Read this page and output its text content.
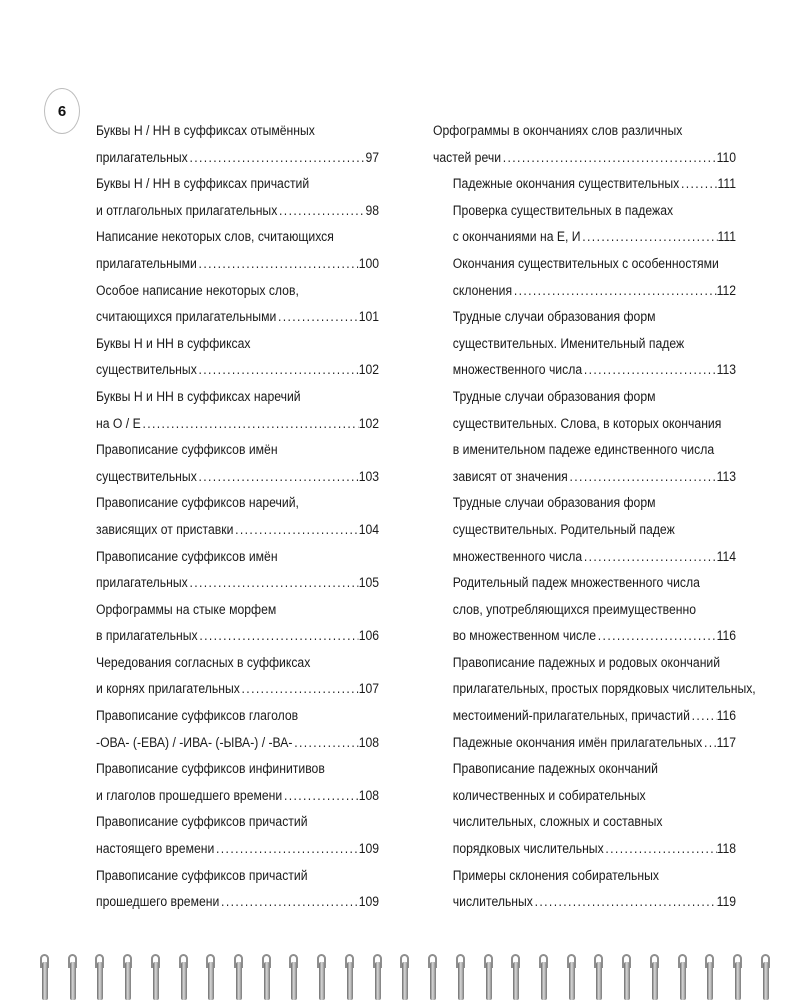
6
Буквы Н / НН в суффиксах отымённых
прилагательных .....	97
Буквы Н / НН в суффиксах причастий
и отглагольных прилагательных .....	98
Написание некоторых слов, считающихся
прилагательными .....	100
Особое написание некоторых слов,
считающихся прилагательными .....	101
Буквы Н и НН в суффиксах
существительных .....	102
Буквы Н и НН в суффиксах наречий
на О / Е .....	102
Правописание суффиксов имён
существительных .....	103
Правописание суффиксов наречий,
зависящих от приставки .....	104
Правописание суффиксов имён
прилагательных .....	105
Орфограммы на стыке морфем
в прилагательных .....	106
Чередования согласных в суффиксах
и корнях прилагательных .....	107
Правописание суффиксов глаголов
-ОВА- (-ЕВА) / -ИВА- (-ЫВА-) / -ВА- .....	108
Правописание суффиксов инфинитивов
и глаголов прошедшего времени .....	108
Правописание суффиксов причастий
настоящего времени .....	109
Правописание суффиксов причастий
прошедшего времени .....	109
Орфограммы в окончаниях слов различных
частей речи .....	110
Падежные окончания существительных .....	111
Проверка существительных в падежах
с окончаниями на Е, И .....	111
Окончания существительных с особенностями
склонения .....	112
Трудные случаи образования форм
существительных. Именительный падеж
множественного числа .....	113
Трудные случаи образования форм
существительных. Слова, в которых окончания
в именительном падеже единственного числа
зависят от значения .....	113
Трудные случаи образования форм
существительных. Родительный падеж
множественного числа .....	114
Родительный падеж множественного числа
слов, употребляющихся преимущественно
во множественном числе .....	116
Правописание падежных и родовых окончаний
прилагательных, простых порядковых числительных,
местоимений-прилагательных, причастий ..... 116
Падежные окончания имён прилагательных ..... 117
Правописание падежных окончаний
количественных и собирательных
числительных, сложных и составных
порядковых числительных .....	118
Примеры склонения собирательных
числительных .....	119
